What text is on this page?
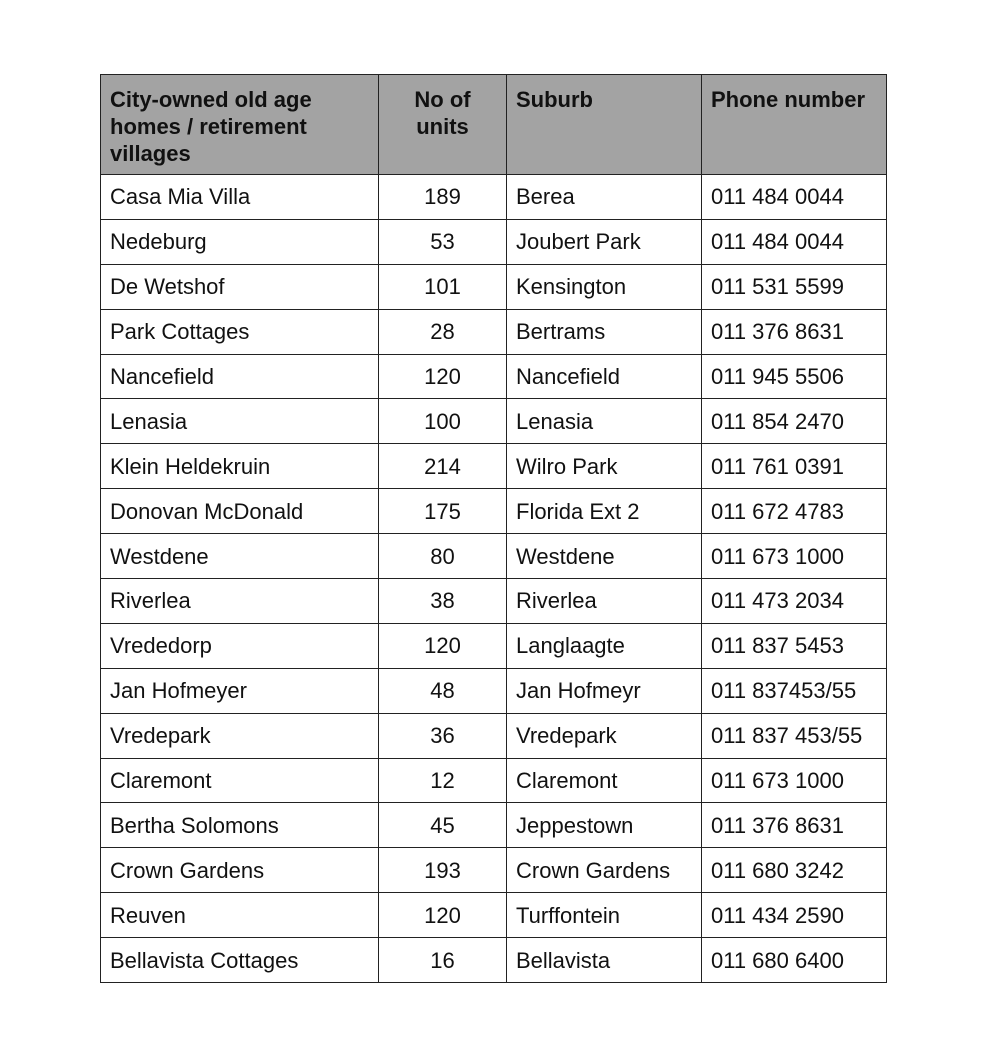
City-owned old age homes / retirement villages	No of units	Suburb	Phone number
Casa Mia Villa	189	Berea	011 484 0044
Nedeburg	53	Joubert Park	011 484 0044
De Wetshof	101	Kensington	011 531 5599
Park Cottages	28	Bertrams	011 376 8631
Nancefield	120	Nancefield	011 945 5506
Lenasia	100	Lenasia	011 854 2470
Klein Heldekruin	214	Wilro Park	011 761 0391
Donovan McDonald	175	Florida Ext 2	011 672 4783
Westdene	80	Westdene	011 673 1000
Riverlea	38	Riverlea	011 473 2034
Vrededorp	120	Langlaagte	011 837 5453
Jan Hofmeyer	48	Jan Hofmeyr	011 837453/55
Vredepark	36	Vredepark	011 837 453/55
Claremont	12	Claremont	011 673 1000
Bertha Solomons	45	Jeppestown	011 376 8631
Crown Gardens	193	Crown Gardens	011 680 3242
Reuven	120	Turffontein	011 434 2590
Bellavista Cottages	16	Bellavista	011 680 6400
